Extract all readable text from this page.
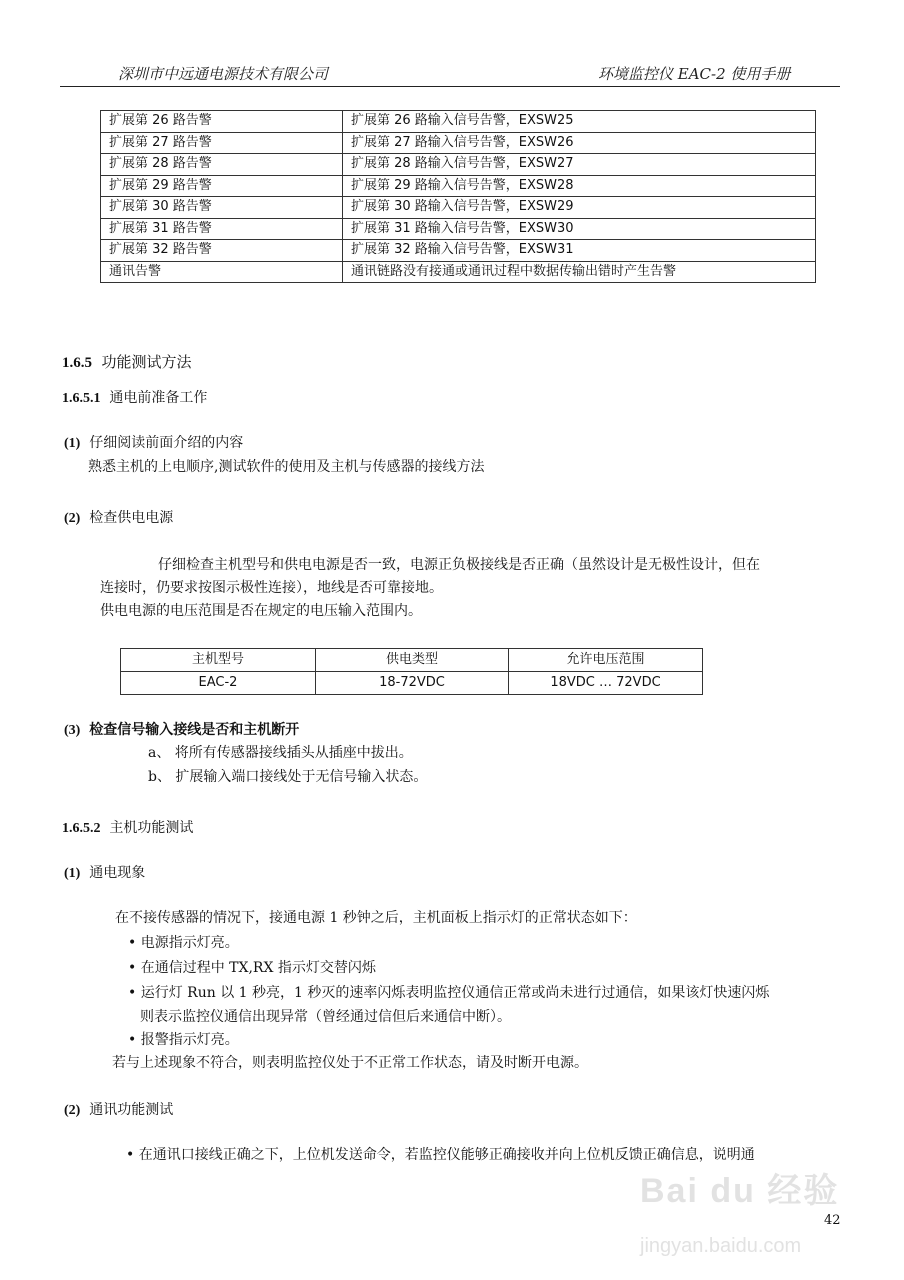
深圳市中远通电源技术有限公司	环境监控仪 EAC-2 使用手册
扩展第 26 路告警	扩展第 26 路输入信号告警，EXSW25
扩展第 27 路告警	扩展第 27 路输入信号告警，EXSW26
扩展第 28 路告警	扩展第 28 路输入信号告警，EXSW27
扩展第 29 路告警	扩展第 29 路输入信号告警，EXSW28
扩展第 30 路告警	扩展第 30 路输入信号告警，EXSW29
扩展第 31 路告警	扩展第 31 路输入信号告警，EXSW30
扩展第 32 路告警	扩展第 32 路输入信号告警，EXSW31
通讯告警	通讯链路没有接通或通讯过程中数据传输出错时产生告警
1.6.5 功能测试方法
1.6.5.1 通电前准备工作
(1) 仔细阅读前面介绍的内容
熟悉主机的上电顺序,测试软件的使用及主机与传感器的接线方法
(2) 检查供电电源
仔细检查主机型号和供电电源是否一致，电源正负极接线是否正确（虽然设计是无极性设计，但在
连接时，仍要求按图示极性连接），地线是否可靠接地。
供电电源的电压范围是否在规定的电压输入范围内。
主机型号	供电类型	允许电压范围
EAC-2	18-72VDC	18VDC … 72VDC
(3) 检查信号输入接线是否和主机断开
a、 将所有传感器接线插头从插座中拔出。
b、 扩展输入端口接线处于无信号输入状态。
1.6.5.2 主机功能测试
(1) 通电现象
在不接传感器的情况下，接通电源 1 秒钟之后，主机面板上指示灯的正常状态如下：
• 电源指示灯亮。
• 在通信过程中 TX,RX 指示灯交替闪烁
• 运行灯 Run 以 1 秒亮，1 秒灭的速率闪烁表明监控仪通信正常或尚未进行过通信，如果该灯快速闪烁
则表示监控仪通信出现异常（曾经通过信但后来通信中断）。
• 报警指示灯亮。
若与上述现象不符合，则表明监控仪处于不正常工作状态，请及时断开电源。
(2) 通讯功能测试
• 在通讯口接线正确之下，上位机发送命令，若监控仪能够正确接收并向上位机反馈正确信息，说明通
Bai du 经验
42
jingyan.baidu.com
